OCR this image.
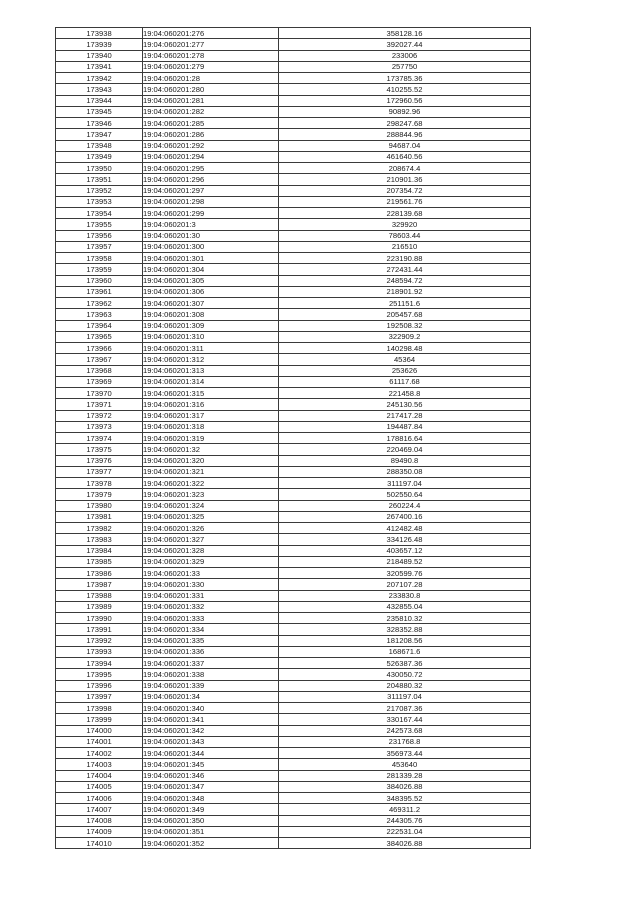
173938	19:04:060201:276	358128.16
173939	19:04:060201:277	392027.44
173940	19:04:060201:278	233006
173941	19:04:060201:279	257750
173942	19:04:060201:28	173785.36
173943	19:04:060201:280	410255.52
173944	19:04:060201:281	172960.56
173945	19:04:060201:282	90892.96
173946	19:04:060201:285	298247.68
173947	19:04:060201:286	288844.96
173948	19:04:060201:292	94687.04
173949	19:04:060201:294	461640.56
173950	19:04:060201:295	208674.4
173951	19:04:060201:296	210901.36
173952	19:04:060201:297	207354.72
173953	19:04:060201:298	219561.76
173954	19:04:060201:299	228139.68
173955	19:04:060201:3	329920
173956	19:04:060201:30	78603.44
173957	19:04:060201:300	216510
173958	19:04:060201:301	223190.88
173959	19:04:060201:304	272431.44
173960	19:04:060201:305	248594.72
173961	19:04:060201:306	218901.92
173962	19:04:060201:307	251151.6
173963	19:04:060201:308	205457.68
173964	19:04:060201:309	192508.32
173965	19:04:060201:310	322909.2
173966	19:04:060201:311	140298.48
173967	19:04:060201:312	45364
173968	19:04:060201:313	253626
173969	19:04:060201:314	61117.68
173970	19:04:060201:315	221458.8
173971	19:04:060201:316	245130.56
173972	19:04:060201:317	217417.28
173973	19:04:060201:318	194487.84
173974	19:04:060201:319	178816.64
173975	19:04:060201:32	220469.04
173976	19:04:060201:320	89490.8
173977	19:04:060201:321	288350.08
173978	19:04:060201:322	311197.04
173979	19:04:060201:323	502550.64
173980	19:04:060201:324	260224.4
173981	19:04:060201:325	267400.16
173982	19:04:060201:326	412482.48
173983	19:04:060201:327	334126.48
173984	19:04:060201:328	403657.12
173985	19:04:060201:329	218489.52
173986	19:04:060201:33	320599.76
173987	19:04:060201:330	207107.28
173988	19:04:060201:331	233830.8
173989	19:04:060201:332	432855.04
173990	19:04:060201:333	235810.32
173991	19:04:060201:334	328352.88
173992	19:04:060201:335	181208.56
173993	19:04:060201:336	168671.6
173994	19:04:060201:337	526387.36
173995	19:04:060201:338	430050.72
173996	19:04:060201:339	204880.32
173997	19:04:060201:34	311197.04
173998	19:04:060201:340	217087.36
173999	19:04:060201:341	330167.44
174000	19:04:060201:342	242573.68
174001	19:04:060201:343	231768.8
174002	19:04:060201:344	356973.44
174003	19:04:060201:345	453640
174004	19:04:060201:346	281339.28
174005	19:04:060201:347	384026.88
174006	19:04:060201:348	348395.52
174007	19:04:060201:349	469311.2
174008	19:04:060201:350	244305.76
174009	19:04:060201:351	222531.04
174010	19:04:060201:352	384026.88
